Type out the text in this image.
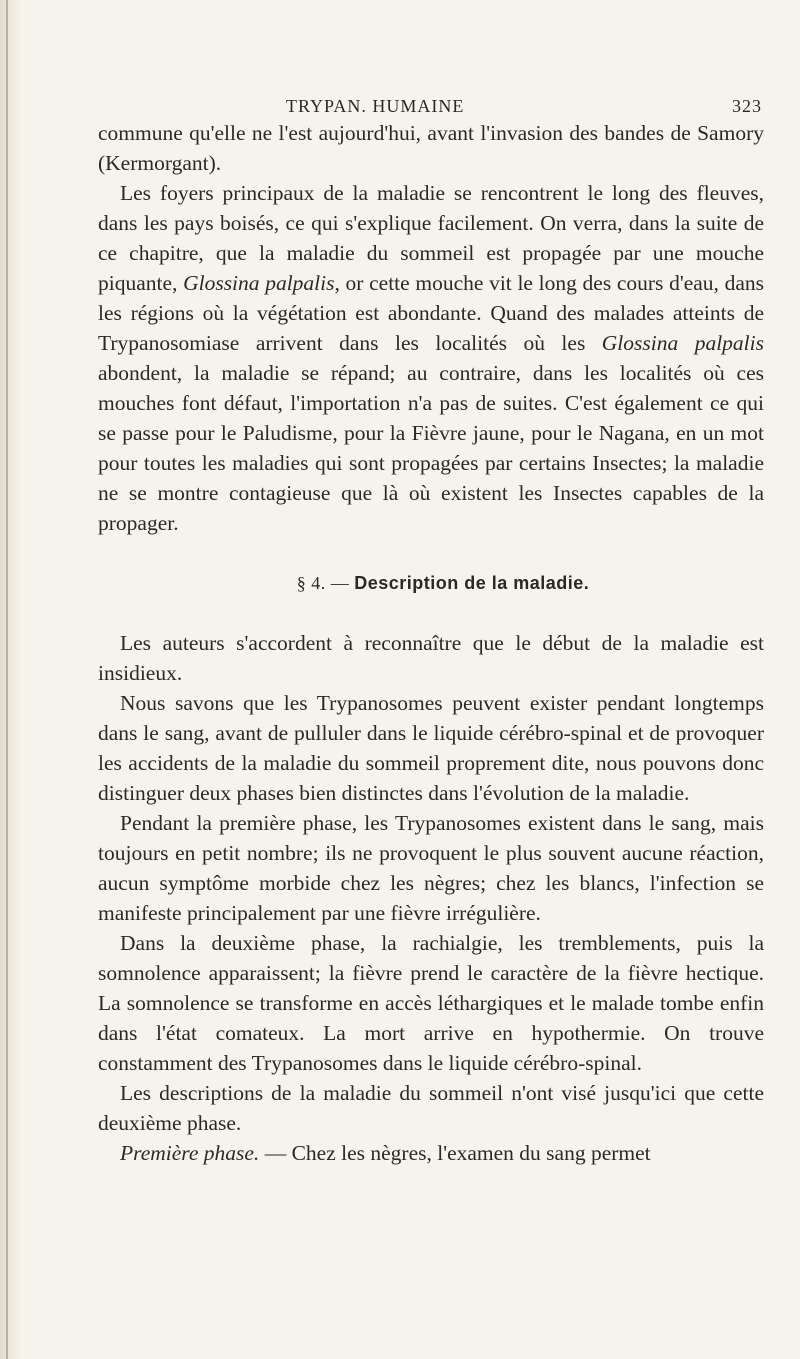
TRYPAN. HUMAINE	323

commune qu'elle ne l'est aujourd'hui, avant l'invasion des bandes de Samory (Kermorgant).

Les foyers principaux de la maladie se rencontrent le long des fleuves, dans les pays boisés, ce qui s'explique facilement. On verra, dans la suite de ce chapitre, que la maladie du sommeil est propagée par une mouche piquante, Glossina palpalis, or cette mouche vit le long des cours d'eau, dans les régions où la végétation est abondante. Quand des malades atteints de Trypanosomiase arrivent dans les localités où les Glossina palpalis abondent, la maladie se répand; au contraire, dans les localités où ces mouches font défaut, l'importation n'a pas de suites. C'est également ce qui se passe pour le Paludisme, pour la Fièvre jaune, pour le Nagana, en un mot pour toutes les maladies qui sont propagées par certains Insectes; la maladie ne se montre contagieuse que là où existent les Insectes capables de la propager.

§ 4. — Description de la maladie.

Les auteurs s'accordent à reconnaître que le début de la maladie est insidieux.

Nous savons que les Trypanosomes peuvent exister pendant longtemps dans le sang, avant de pulluler dans le liquide cérébro-spinal et de provoquer les accidents de la maladie du sommeil proprement dite, nous pouvons donc distinguer deux phases bien distinctes dans l'évolution de la maladie.

Pendant la première phase, les Trypanosomes existent dans le sang, mais toujours en petit nombre; ils ne provoquent le plus souvent aucune réaction, aucun symptôme morbide chez les nègres; chez les blancs, l'infection se manifeste principalement par une fièvre irrégulière.

Dans la deuxième phase, la rachialgie, les tremblements, puis la somnolence apparaissent; la fièvre prend le caractère de la fièvre hectique. La somnolence se transforme en accès léthargiques et le malade tombe enfin dans l'état comateux. La mort arrive en hypothermie. On trouve constamment des Trypanosomes dans le liquide cérébro-spinal.

Les descriptions de la maladie du sommeil n'ont visé jusqu'ici que cette deuxième phase.

Première phase. — Chez les nègres, l'examen du sang permet
